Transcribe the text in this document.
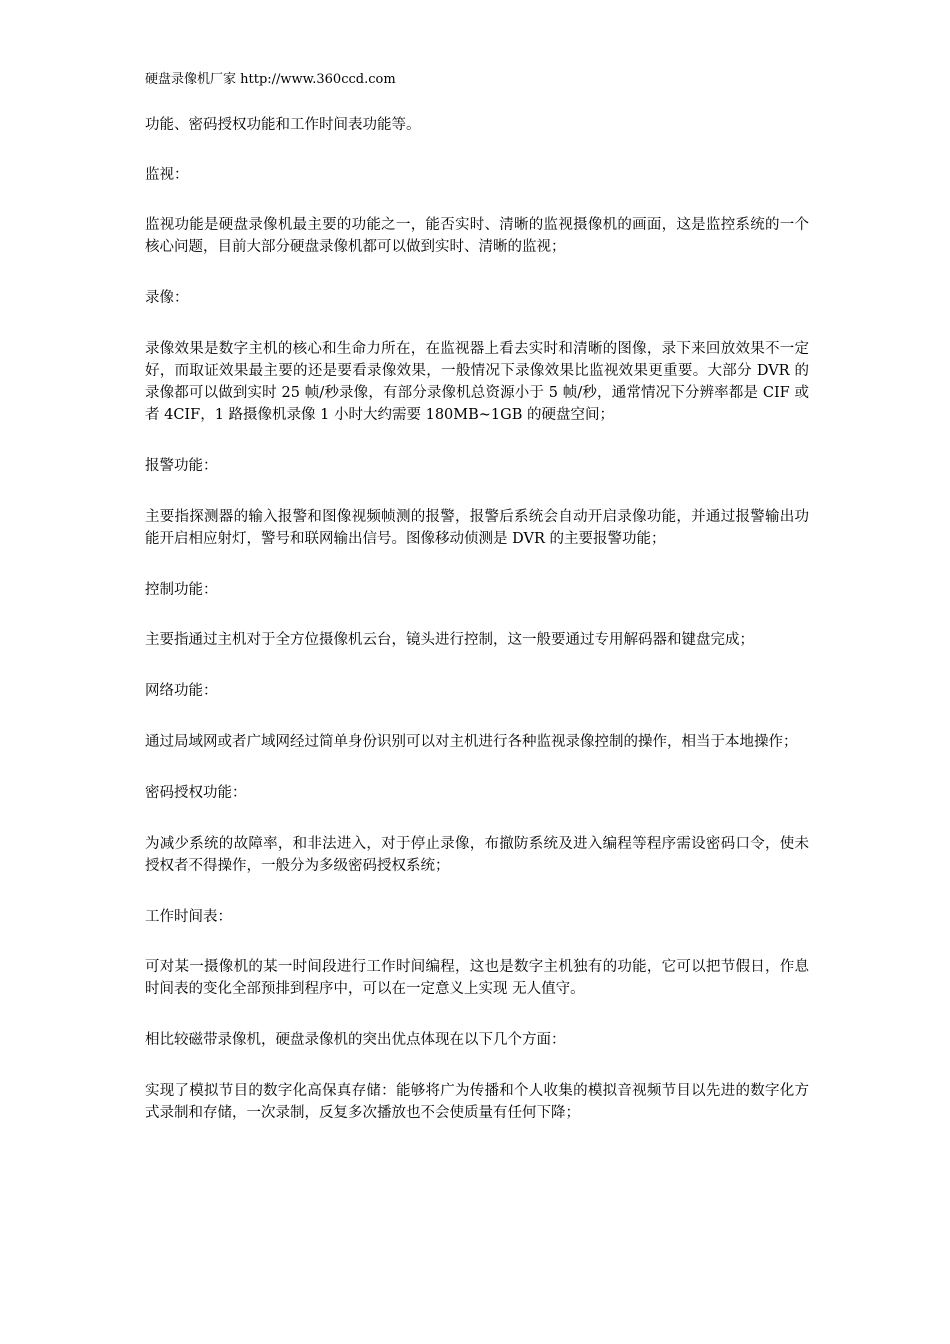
硬盘录像机厂家 http://www.360ccd.com

功能、密码授权功能和工作时间表功能等。

监视：

监视功能是硬盘录像机最主要的功能之一，能否实时、清晰的监视摄像机的画面，这是监控系统的一个核心问题，目前大部分硬盘录像机都可以做到实时、清晰的监视；

录像：

录像效果是数字主机的核心和生命力所在，在监视器上看去实时和清晰的图像，录下来回放效果不一定好，而取证效果最主要的还是要看录像效果，一般情况下录像效果比监视效果更重要。大部分 DVR 的录像都可以做到实时 25 帧/秒录像，有部分录像机总资源小于 5 帧/秒，通常情况下分辨率都是 CIF 或者 4CIF，1 路摄像机录像 1 小时大约需要 180MB~1GB 的硬盘空间；

报警功能：

主要指探测器的输入报警和图像视频帧测的报警，报警后系统会自动开启录像功能，并通过报警输出功能开启相应射灯，警号和联网输出信号。图像移动侦测是 DVR 的主要报警功能；

控制功能：

主要指通过主机对于全方位摄像机云台，镜头进行控制，这一般要通过专用解码器和键盘完成；

网络功能：

通过局域网或者广域网经过简单身份识别可以对主机进行各种监视录像控制的操作，相当于本地操作；

密码授权功能：

为减少系统的故障率，和非法进入，对于停止录像，布撤防系统及进入编程等程序需设密码口令，使未授权者不得操作，一般分为多级密码授权系统；

工作时间表：

可对某一摄像机的某一时间段进行工作时间编程，这也是数字主机独有的功能，它可以把节假日，作息时间表的变化全部预排到程序中，可以在一定意义上实现 无人值守。

相比较磁带录像机，硬盘录像机的突出优点体现在以下几个方面：

实现了模拟节目的数字化高保真存储：能够将广为传播和个人收集的模拟音视频节目以先进的数字化方式录制和存储，一次录制，反复多次播放也不会使质量有任何下降；
